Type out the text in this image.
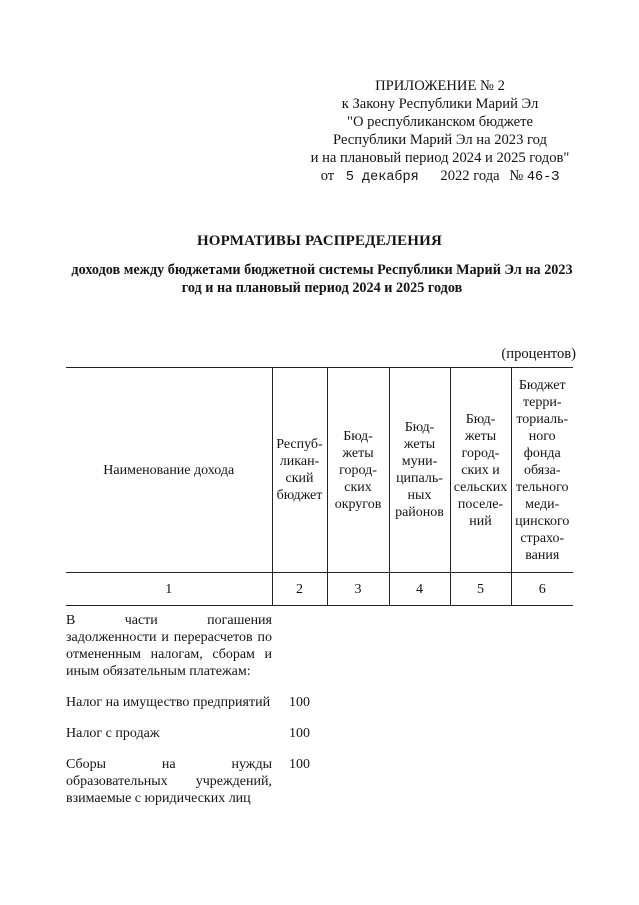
ПРИЛОЖЕНИЕ № 2
к Закону Республики Марий Эл
"О республиканском бюджете
Республики Марий Эл на 2023 год
и на плановый период 2024 и 2025 годов"
от 5 декабря 2022 года № 46-З
НОРМАТИВЫ РАСПРЕДЕЛЕНИЯ
доходов между бюджетами бюджетной системы Республики Марий Эл на 2023 год и на плановый период 2024 и 2025 годов
(процентов)
Наименование дохода	Респуб-ликан-ский бюджет	Бюд-жеты город-ских округов	Бюд-жеты муни-ципаль-ных районов	Бюд-жеты город-ских и сельских поселе-ний	Бюджет терри-ториаль-ного фонда обяза-тельного меди-цинского страхо-вания
1	2	3	4	5	6
В части погашения задолженности и перерасчетов по отмененным налогам, сборам и иным обязательным платежам:					

Налог на имущество предприятий	100				

Налог с продаж	100				

Сборы на нужды образовательных учреждений, взимаемые с юридических лиц	100				
